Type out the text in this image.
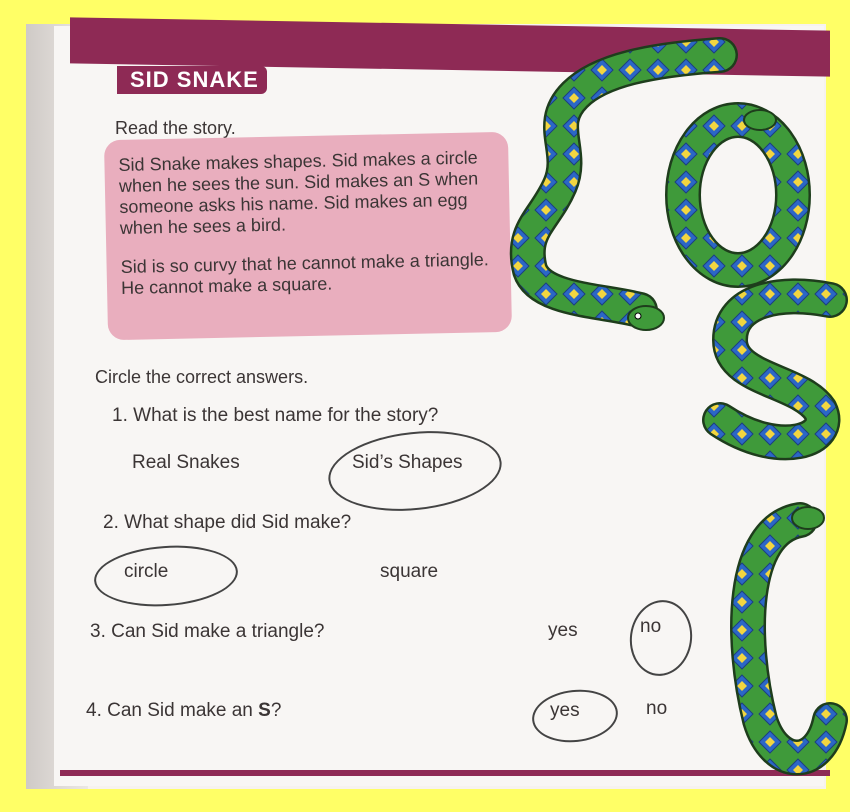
SID SNAKE
Read the story.

Sid Snake makes shapes. Sid makes a circle when he sees the sun. Sid makes an S when someone asks his name. Sid makes an egg when he sees a bird.

Sid is so curvy that he cannot make a triangle. He cannot make a square.

Circle the correct answers.
1. What is the best name for the story?
Real Snakes	Sid’s Shapes
2. What shape did Sid make?
circle	square
3. Can Sid make a triangle?	yes	no
4. Can Sid make an S?	yes	no
